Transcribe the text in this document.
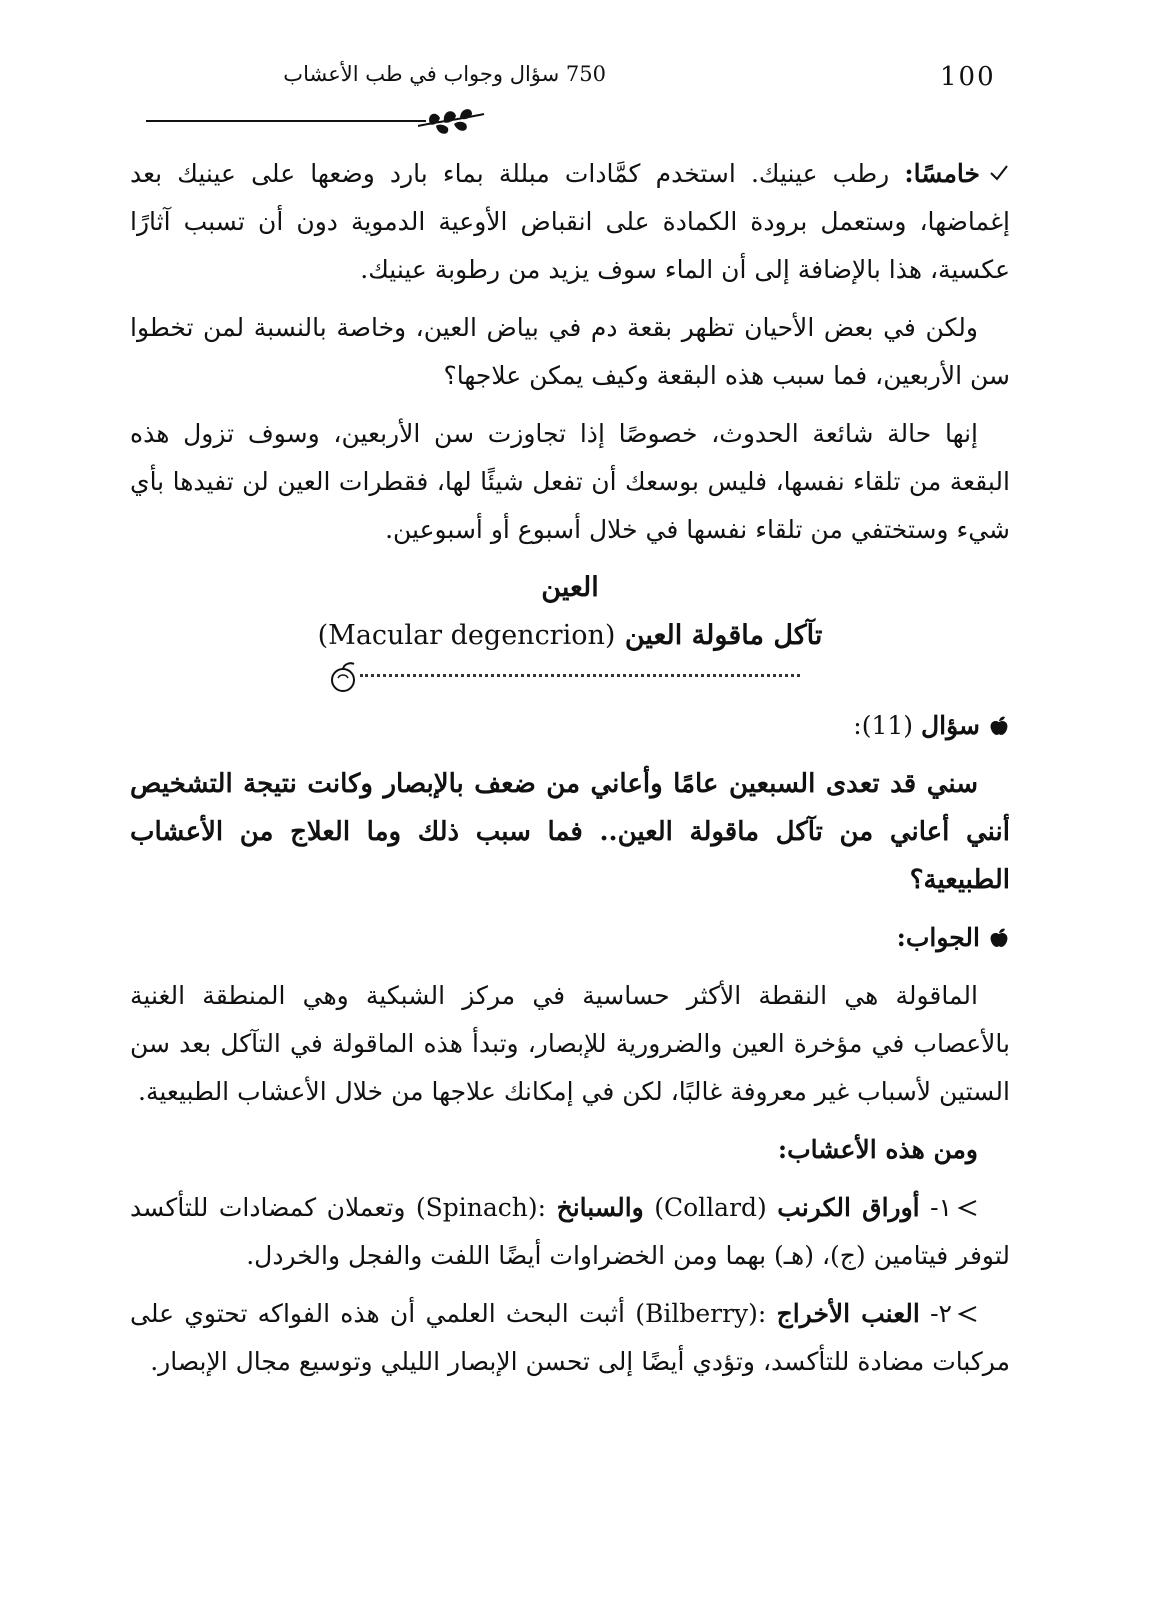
100
750 سؤال وجواب في طب الأعشاب

خامسًا: رطب عينيك. استخدم كمَّادات مبللة بماء بارد وضعها على عينيك بعد إغماضها، وستعمل برودة الكمادة على انقباض الأوعية الدموية دون أن تسبب آثارًا عكسية، هذا بالإضافة إلى أن الماء سوف يزيد من رطوبة عينيك.

ولكن في بعض الأحيان تظهر بقعة دم في بياض العين، وخاصة بالنسبة لمن تخطوا سن الأربعين، فما سبب هذه البقعة وكيف يمكن علاجها؟

إنها حالة شائعة الحدوث، خصوصًا إذا تجاوزت سن الأربعين، وسوف تزول هذه البقعة من تلقاء نفسها، فليس بوسعك أن تفعل شيئًا لها، فقطرات العين لن تفيدها بأي شيء وستختفي من تلقاء نفسها في خلال أسبوع أو أسبوعين.

العين
تآكل ماقولة العين (Macular degencrion)

سؤال (11):

سني قد تعدى السبعين عامًا وأعاني من ضعف بالإبصار وكانت نتيجة التشخيص أنني أعاني من تآكل ماقولة العين.. فما سبب ذلك وما العلاج من الأعشاب الطبيعية؟

الجواب:

الماقولة هي النقطة الأكثر حساسية في مركز الشبكية وهي المنطقة الغنية بالأعصاب في مؤخرة العين والضرورية للإبصار، وتبدأ هذه الماقولة في التآكل بعد سن الستين لأسباب غير معروفة غالبًا، لكن في إمكانك علاجها من خلال الأعشاب الطبيعية.

ومن هذه الأعشاب:

١- أوراق الكرنب (Collard) والسبانخ (Spinach): وتعملان كمضادات للتأكسد لتوفر فيتامين (ج)، (هـ) بهما ومن الخضراوات أيضًا اللفت والفجل والخردل.

٢- العنب الأخراج (Bilberry): أثبت البحث العلمي أن هذه الفواكه تحتوي على مركبات مضادة للتأكسد، وتؤدي أيضًا إلى تحسن الإبصار الليلي وتوسيع مجال الإبصار.
